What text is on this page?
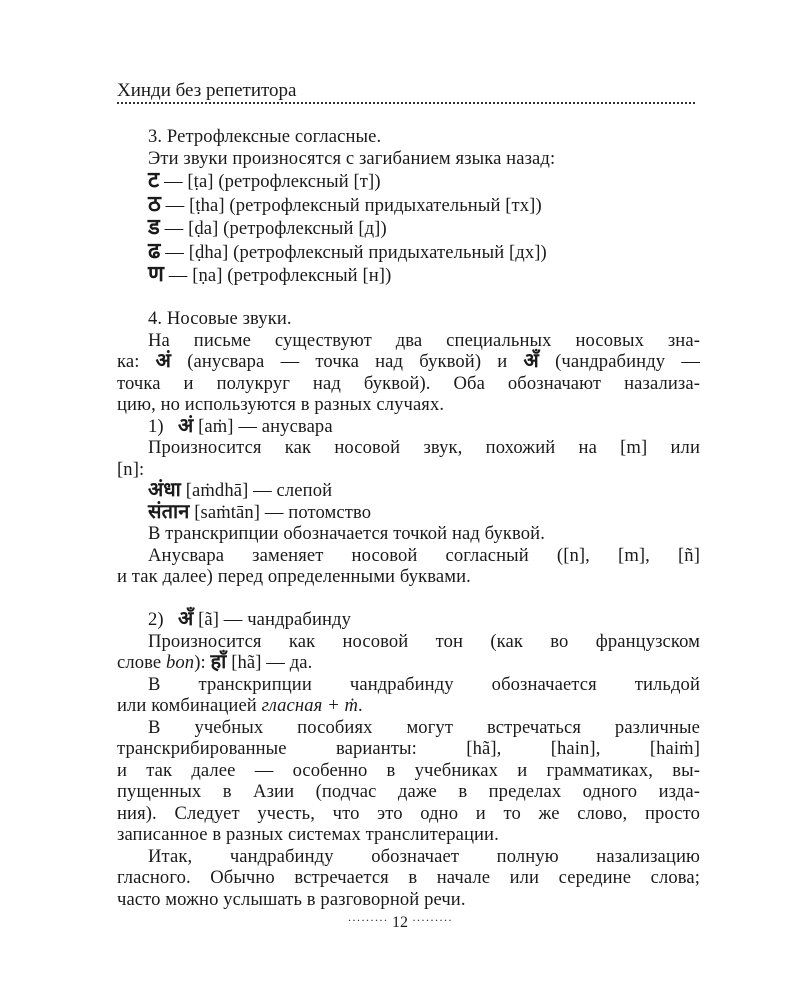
Хинди без репетитора

3. Ретрофлексные согласные.

Эти звуки произносятся с загибанием языка назад:

ट — [ṭa] (ретрофлексный [т])

ठ — [ṭha] (ретрофлексный придыхательный [тх])

ड — [ḍa] (ретрофлексный [д])

ढ — [ḍha] (ретрофлексный придыхательный [дх])

ण — [ṇa] (ретрофлексный [н])

4. Носовые звуки.

На письме существуют два специальных носовых зна-

ка: अं (анусвара — точка над буквой) и अँ (чандрабинду —

точка и полукруг над буквой). Оба обозначают назализа-

цию, но используются в разных случаях.

1) अं [aṁ] — анусвара

Произносится как носовой звук, похожий на [m] или

[n]:

अंधा [aṁdhā] — слепой

संतान [saṁtān] — потомство

В транскрипции обозначается точкой над буквой.

Анусвара заменяет носовой согласный ([n], [m], [ñ]

и так далее) перед определенными буквами.

2) अँ [ã] — чандрабинду

Произносится как носовой тон (как во французском

слове bon): हाँ [hã] — да.

В транскрипции чандрабинду обозначается тильдой

или комбинацией гласная + ṁ.

В учебных пособиях могут встречаться различные

транскрибированные варианты: [hã], [hain], [haiṁ]

и так далее — особенно в учебниках и грамматиках, вы-

пущенных в Азии (подчас даже в пределах одного изда-

ния). Следует учесть, что это одно и то же слово, просто

записанное в разных системах транслитерации.

Итак, чандрабинду обозначает полную назализацию

гласного. Обычно встречается в начале или середине слова;

часто можно услышать в разговорной речи.

········· 12 ·········
